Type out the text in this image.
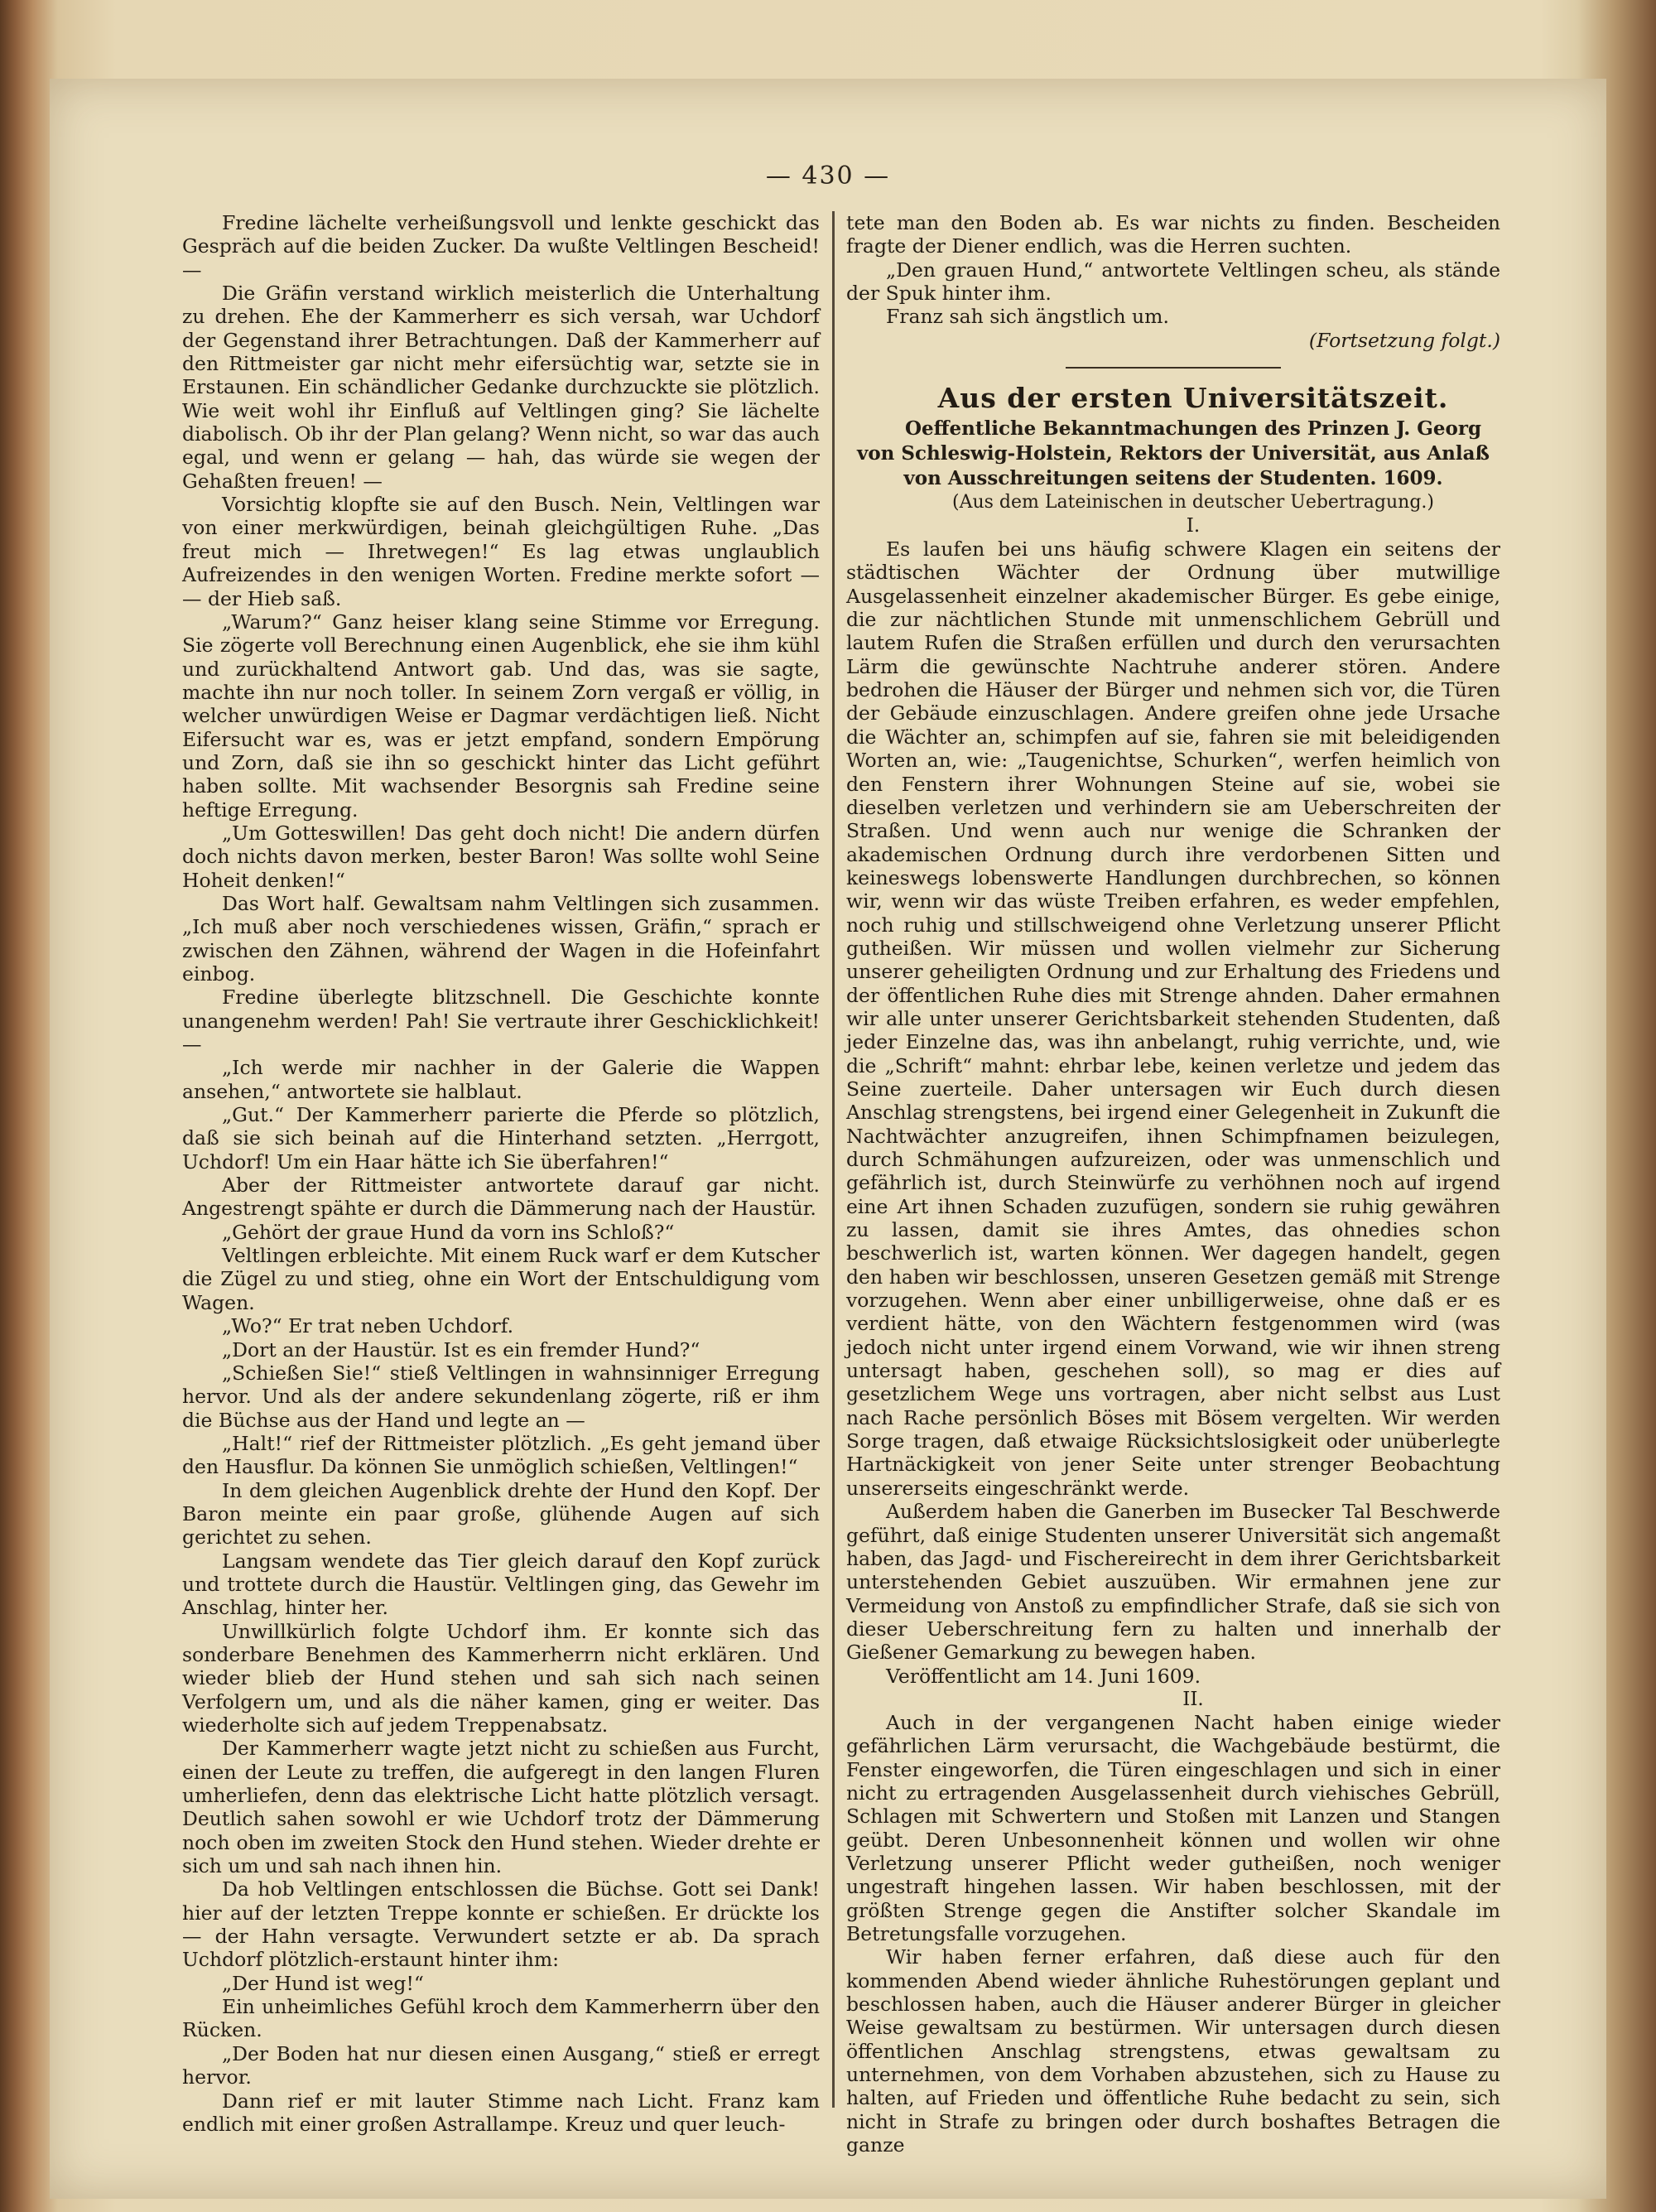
— 430 —

Fredine lächelte verheißungsvoll und lenkte geschickt das Gespräch auf die beiden Zucker. Da wußte Veltlingen Bescheid! —

Die Gräfin verstand wirklich meisterlich die Unterhaltung zu drehen. Ehe der Kammerherr es sich versah, war Uchdorf der Gegenstand ihrer Betrachtungen. Daß der Kammerherr auf den Rittmeister gar nicht mehr eifersüchtig war, setzte sie in Erstaunen. Ein schändlicher Gedanke durchzuckte sie plötzlich. Wie weit wohl ihr Einfluß auf Veltlingen ging? Sie lächelte diabolisch. Ob ihr der Plan gelang? Wenn nicht, so war das auch egal, und wenn er gelang — hah, das würde sie wegen der Gehaßten freuen! —

Vorsichtig klopfte sie auf den Busch. Nein, Veltlingen war von einer merkwürdigen, beinah gleichgültigen Ruhe. „Das freut mich — Ihretwegen!“ Es lag etwas unglaublich Aufreizendes in den wenigen Worten. Fredine merkte sofort — — der Hieb saß.

„Warum?“ Ganz heiser klang seine Stimme vor Erregung. Sie zögerte voll Berechnung einen Augenblick, ehe sie ihm kühl und zurückhaltend Antwort gab. Und das, was sie sagte, machte ihn nur noch toller. In seinem Zorn vergaß er völlig, in welcher unwürdigen Weise er Dagmar verdächtigen ließ. Nicht Eifersucht war es, was er jetzt empfand, sondern Empörung und Zorn, daß sie ihn so geschickt hinter das Licht geführt haben sollte. Mit wachsender Besorgnis sah Fredine seine heftige Erregung.

„Um Gotteswillen! Das geht doch nicht! Die andern dürfen doch nichts davon merken, bester Baron! Was sollte wohl Seine Hoheit denken!“

Das Wort half. Gewaltsam nahm Veltlingen sich zusammen. „Ich muß aber noch verschiedenes wissen, Gräfin,“ sprach er zwischen den Zähnen, während der Wagen in die Hofeinfahrt einbog.

Fredine überlegte blitzschnell. Die Geschichte konnte unangenehm werden! Pah! Sie vertraute ihrer Geschicklichkeit! —

„Ich werde mir nachher in der Galerie die Wappen ansehen,“ antwortete sie halblaut.

„Gut.“ Der Kammerherr parierte die Pferde so plötzlich, daß sie sich beinah auf die Hinterhand setzten. „Herrgott, Uchdorf! Um ein Haar hätte ich Sie überfahren!“

Aber der Rittmeister antwortete darauf gar nicht. Angestrengt spähte er durch die Dämmerung nach der Haustür.

„Gehört der graue Hund da vorn ins Schloß?“

Veltlingen erbleichte. Mit einem Ruck warf er dem Kutscher die Zügel zu und stieg, ohne ein Wort der Entschuldigung vom Wagen.

„Wo?“ Er trat neben Uchdorf.

„Dort an der Haustür. Ist es ein fremder Hund?“

„Schießen Sie!“ stieß Veltlingen in wahnsinniger Erregung hervor. Und als der andere sekundenlang zögerte, riß er ihm die Büchse aus der Hand und legte an —

„Halt!“ rief der Rittmeister plötzlich. „Es geht jemand über den Hausflur. Da können Sie unmöglich schießen, Veltlingen!“

In dem gleichen Augenblick drehte der Hund den Kopf. Der Baron meinte ein paar große, glühende Augen auf sich gerichtet zu sehen.

Langsam wendete das Tier gleich darauf den Kopf zurück und trottete durch die Haustür. Veltlingen ging, das Gewehr im Anschlag, hinter her.

Unwillkürlich folgte Uchdorf ihm. Er konnte sich das sonderbare Benehmen des Kammerherrn nicht erklären. Und wieder blieb der Hund stehen und sah sich nach seinen Verfolgern um, und als die näher kamen, ging er weiter. Das wiederholte sich auf jedem Treppenabsatz.

Der Kammerherr wagte jetzt nicht zu schießen aus Furcht, einen der Leute zu treffen, die aufgeregt in den langen Fluren umherliefen, denn das elektrische Licht hatte plötzlich versagt. Deutlich sahen sowohl er wie Uchdorf trotz der Dämmerung noch oben im zweiten Stock den Hund stehen. Wieder drehte er sich um und sah nach ihnen hin.

Da hob Veltlingen entschlossen die Büchse. Gott sei Dank! hier auf der letzten Treppe konnte er schießen. Er drückte los — der Hahn versagte. Verwundert setzte er ab. Da sprach Uchdorf plötzlich-erstaunt hinter ihm:

„Der Hund ist weg!“

Ein unheimliches Gefühl kroch dem Kammerherrn über den Rücken.

„Der Boden hat nur diesen einen Ausgang,“ stieß er erregt hervor.

Dann rief er mit lauter Stimme nach Licht. Franz kam endlich mit einer großen Astrallampe. Kreuz und quer leuch-

tete man den Boden ab. Es war nichts zu finden. Bescheiden fragte der Diener endlich, was die Herren suchten.

„Den grauen Hund,“ antwortete Veltlingen scheu, als stände der Spuk hinter ihm.

Franz sah sich ängstlich um.

(Fortsetzung folgt.)

Aus der ersten Universitätszeit.

Oeffentliche Bekanntmachungen des Prinzen J. Georg von Schleswig-Holstein, Rektors der Universität, aus Anlaß von Ausschreitungen seitens der Studenten. 1609.

(Aus dem Lateinischen in deutscher Uebertragung.)

I.

Es laufen bei uns häufig schwere Klagen ein seitens der städtischen Wächter der Ordnung über mutwillige Ausgelassenheit einzelner akademischer Bürger. Es gebe einige, die zur nächtlichen Stunde mit unmenschlichem Gebrüll und lautem Rufen die Straßen erfüllen und durch den verursachten Lärm die gewünschte Nachtruhe anderer stören. Andere bedrohen die Häuser der Bürger und nehmen sich vor, die Türen der Gebäude einzuschlagen. Andere greifen ohne jede Ursache die Wächter an, schimpfen auf sie, fahren sie mit beleidigenden Worten an, wie: „Taugenichtse, Schurken“, werfen heimlich von den Fenstern ihrer Wohnungen Steine auf sie, wobei sie dieselben verletzen und verhindern sie am Ueberschreiten der Straßen. Und wenn auch nur wenige die Schranken der akademischen Ordnung durch ihre verdorbenen Sitten und keineswegs lobenswerte Handlungen durchbrechen, so können wir, wenn wir das wüste Treiben erfahren, es weder empfehlen, noch ruhig und stillschweigend ohne Verletzung unserer Pflicht gutheißen. Wir müssen und wollen vielmehr zur Sicherung unserer geheiligten Ordnung und zur Erhaltung des Friedens und der öffentlichen Ruhe dies mit Strenge ahnden. Daher ermahnen wir alle unter unserer Gerichtsbarkeit stehenden Studenten, daß jeder Einzelne das, was ihn anbelangt, ruhig verrichte, und, wie die „Schrift“ mahnt: ehrbar lebe, keinen verletze und jedem das Seine zuerteile. Daher untersagen wir Euch durch diesen Anschlag strengstens, bei irgend einer Gelegenheit in Zukunft die Nachtwächter anzugreifen, ihnen Schimpfnamen beizulegen, durch Schmähungen aufzureizen, oder was unmenschlich und gefährlich ist, durch Steinwürfe zu verhöhnen noch auf irgend eine Art ihnen Schaden zuzufügen, sondern sie ruhig gewähren zu lassen, damit sie ihres Amtes, das ohnedies schon beschwerlich ist, warten können. Wer dagegen handelt, gegen den haben wir beschlossen, unseren Gesetzen gemäß mit Strenge vorzugehen. Wenn aber einer unbilligerweise, ohne daß er es verdient hätte, von den Wächtern festgenommen wird (was jedoch nicht unter irgend einem Vorwand, wie wir ihnen streng untersagt haben, geschehen soll), so mag er dies auf gesetzlichem Wege uns vortragen, aber nicht selbst aus Lust nach Rache persönlich Böses mit Bösem vergelten. Wir werden Sorge tragen, daß etwaige Rücksichtslosigkeit oder unüberlegte Hartnäckigkeit von jener Seite unter strenger Beobachtung unsererseits eingeschränkt werde.

Außerdem haben die Ganerben im Busecker Tal Beschwerde geführt, daß einige Studenten unserer Universität sich angemaßt haben, das Jagd- und Fischereirecht in dem ihrer Gerichtsbarkeit unterstehenden Gebiet auszuüben. Wir ermahnen jene zur Vermeidung von Anstoß zu empfindlicher Strafe, daß sie sich von dieser Ueberschreitung fern zu halten und innerhalb der Gießener Gemarkung zu bewegen haben.

Veröffentlicht am 14. Juni 1609.

II.

Auch in der vergangenen Nacht haben einige wieder gefährlichen Lärm verursacht, die Wachgebäude bestürmt, die Fenster eingeworfen, die Türen eingeschlagen und sich in einer nicht zu ertragenden Ausgelassenheit durch viehisches Gebrüll, Schlagen mit Schwertern und Stoßen mit Lanzen und Stangen geübt. Deren Unbesonnenheit können und wollen wir ohne Verletzung unserer Pflicht weder gutheißen, noch weniger ungestraft hingehen lassen. Wir haben beschlossen, mit der größten Strenge gegen die Anstifter solcher Skandale im Betretungsfalle vorzugehen.

Wir haben ferner erfahren, daß diese auch für den kommenden Abend wieder ähnliche Ruhestörungen geplant und beschlossen haben, auch die Häuser anderer Bürger in gleicher Weise gewaltsam zu bestürmen. Wir untersagen durch diesen öffentlichen Anschlag strengstens, etwas gewaltsam zu unternehmen, von dem Vorhaben abzustehen, sich zu Hause zu halten, auf Frieden und öffentliche Ruhe bedacht zu sein, sich nicht in Strafe zu bringen oder durch boshaftes Betragen die ganze
